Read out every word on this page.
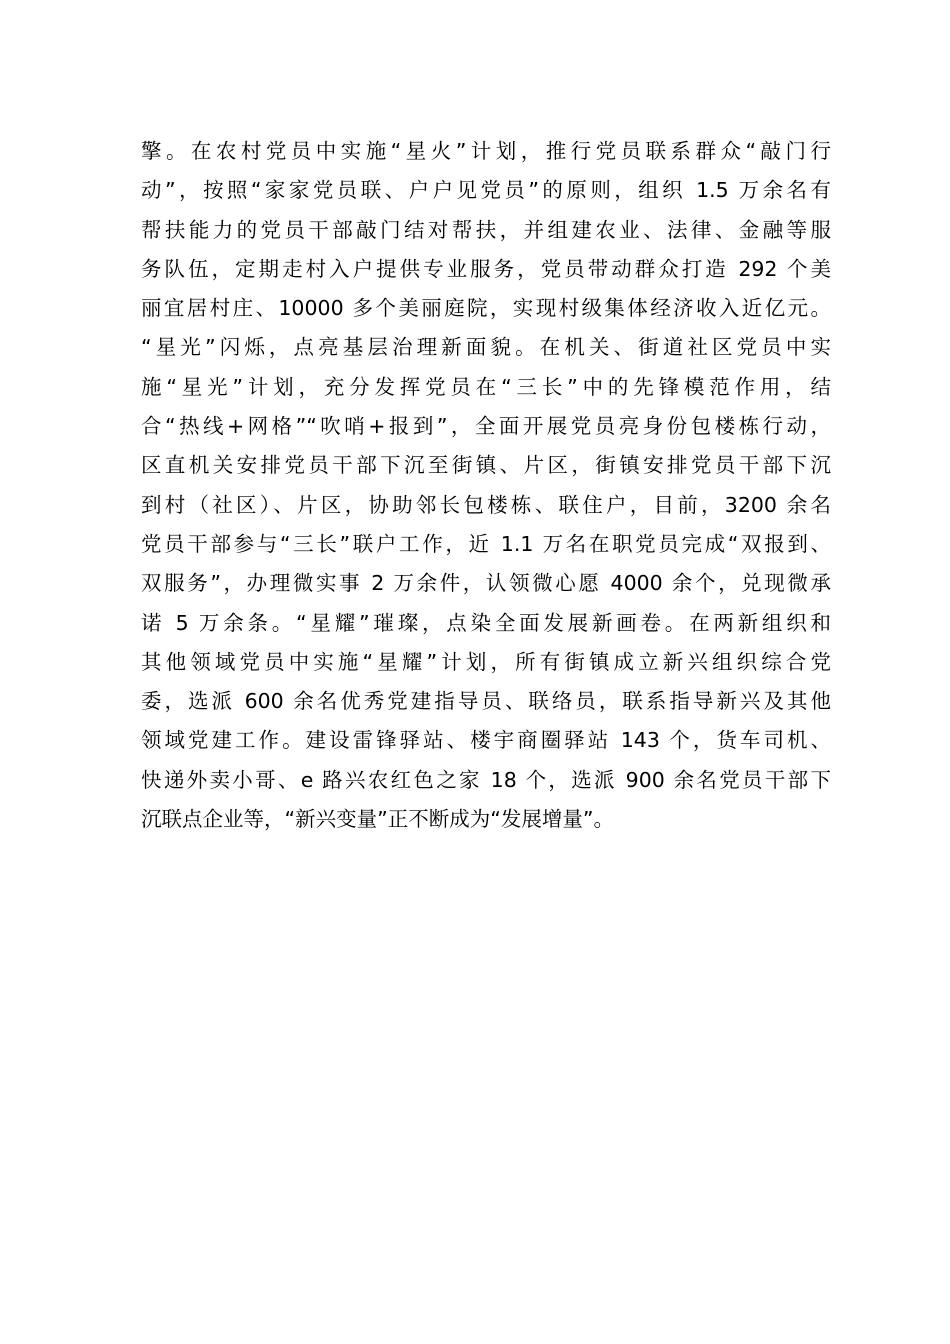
擎。在农村党员中实施“星火”计划，推行党员联系群众“敲门行
动”，按照“家家党员联、户户见党员”的原则，组织 1.5 万余名有
帮扶能力的党员干部敲门结对帮扶，并组建农业、法律、金融等服
务队伍，定期走村入户提供专业服务，党员带动群众打造 292 个美
丽宜居村庄、10000 多个美丽庭院，实现村级集体经济收入近亿元。
“星光”闪烁，点亮基层治理新面貌。在机关、街道社区党员中实
施“星光”计划，充分发挥党员在“三长”中的先锋模范作用，结
合“热线+网格”“吹哨+报到”，全面开展党员亮身份包楼栋行动，
区直机关安排党员干部下沉至街镇、片区，街镇安排党员干部下沉
到村（社区）、片区，协助邻长包楼栋、联住户，目前，3200 余名
党员干部参与“三长”联户工作，近 1.1 万名在职党员完成“双报到、
双服务”，办理微实事 2 万余件，认领微心愿 4000 余个，兑现微承
诺 5 万余条。“星耀”璀璨，点染全面发展新画卷。在两新组织和
其他领域党员中实施“星耀”计划，所有街镇成立新兴组织综合党
委，选派 600 余名优秀党建指导员、联络员，联系指导新兴及其他
领域党建工作。建设雷锋驿站、楼宇商圈驿站 143 个，货车司机、
快递外卖小哥、e 路兴农红色之家 18 个，选派 900 余名党员干部下
沉联点企业等，“新兴变量”正不断成为“发展增量”。
